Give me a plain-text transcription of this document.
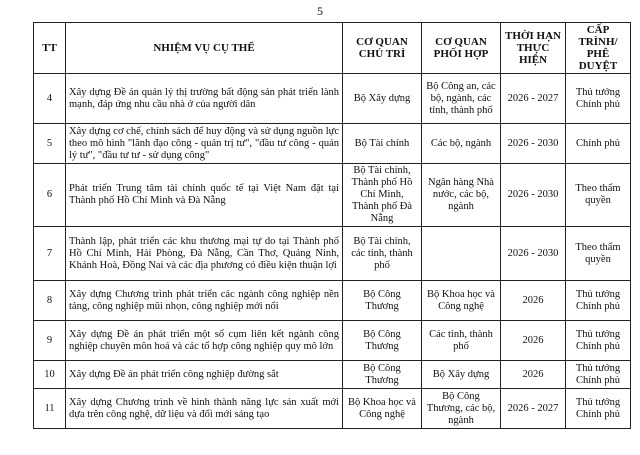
5
TT	NHIỆM VỤ CỤ THỂ	CƠ QUAN CHỦ TRÌ	CƠ QUAN PHỐI HỢP	THỜI HẠN THỰC HIỆN	CẤP TRÌNH/ PHÊ DUYỆT
4	Xây dựng Đề án quản lý thị trường bất động sản phát triển lành mạnh, đáp ứng nhu cầu nhà ở của người dân	Bộ Xây dựng	Bộ Công an, các bộ, ngành, các tỉnh, thành phố	2026 - 2027	Thủ tướng Chính phủ
5	Xây dựng cơ chế, chính sách để huy động và sử dụng nguồn lực theo mô hình "lãnh đạo công - quản trị tư", "đầu tư công - quản lý tư", "đầu tư tư - sử dụng công"	Bộ Tài chính	Các bộ, ngành	2026 - 2030	Chính phủ
6	Phát triển Trung tâm tài chính quốc tế tại Việt Nam đặt tại Thành phố Hồ Chí Minh và Đà Nẵng	Bộ Tài chính, Thành phố Hồ Chí Minh, Thành phố Đà Nẵng	Ngân hàng Nhà nước, các bộ, ngành	2026 - 2030	Theo thẩm quyền
7	Thành lập, phát triển các khu thương mại tự do tại Thành phố Hồ Chí Minh, Hải Phòng, Đà Nẵng, Cần Thơ, Quảng Ninh, Khánh Hoà, Đồng Nai và các địa phương có điều kiện thuận lợi	Bộ Tài chính, các tỉnh, thành phố		2026 - 2030	Theo thẩm quyền
8	Xây dựng Chương trình phát triển các ngành công nghiệp nền tảng, công nghiệp mũi nhọn, công nghiệp mới nổi	Bộ Công Thương	Bộ Khoa học và Công nghệ	2026	Thủ tướng Chính phủ
9	Xây dựng Đề án phát triển một số cụm liên kết ngành công nghiệp chuyên môn hoá và các tổ hợp công nghiệp quy mô lớn	Bộ Công Thương	Các tỉnh, thành phố	2026	Thủ tướng Chính phủ
10	Xây dựng Đề án phát triển công nghiệp đường sắt	Bộ Công Thương	Bộ Xây dựng	2026	Thủ tướng Chính phủ
11	Xây dựng Chương trình về hình thành năng lực sản xuất mới dựa trên công nghệ, dữ liệu và đổi mới sáng tạo	Bộ Khoa học và Công nghệ	Bộ Công Thương, các bộ, ngành	2026 - 2027	Thủ tướng Chính phủ
